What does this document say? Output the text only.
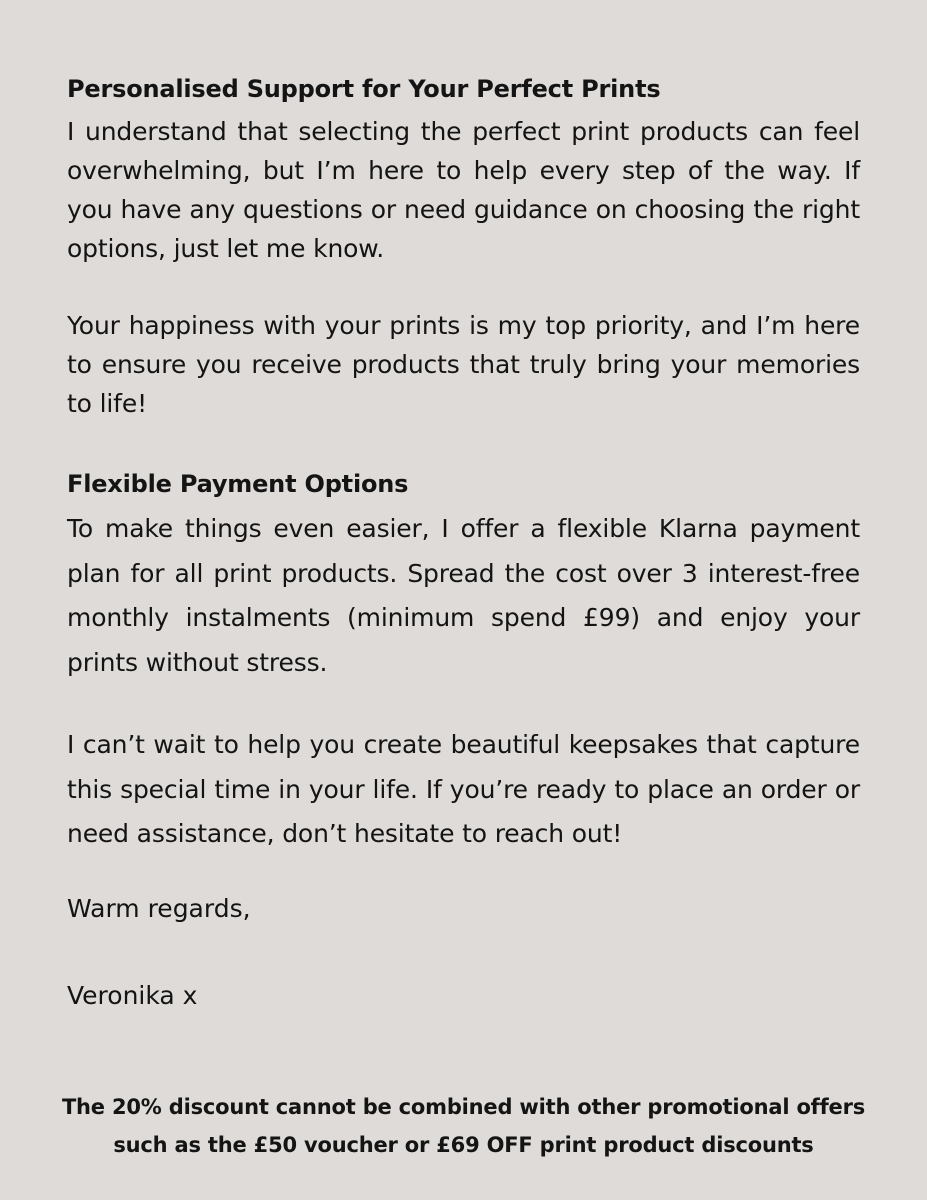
Personalised Support for Your Perfect Prints

I understand that selecting the perfect print products can feel overwhelming, but I’m here to help every step of the way. If you have any questions or need guidance on choosing the right options, just let me know.

Your happiness with your prints is my top priority, and I’m here to ensure you receive products that truly bring your memories to life!

Flexible Payment Options

To make things even easier, I offer a flexible Klarna payment plan for all print products. Spread the cost over 3 interest-free monthly instalments (minimum spend £99) and enjoy your prints without stress.

I can’t wait to help you create beautiful keepsakes that capture this special time in your life. If you’re ready to place an order or need assistance, don’t hesitate to reach out!

Warm regards,

Veronika x

The 20% discount cannot be combined with other promotional offers
such as the £50 voucher or £69 OFF print product discounts
